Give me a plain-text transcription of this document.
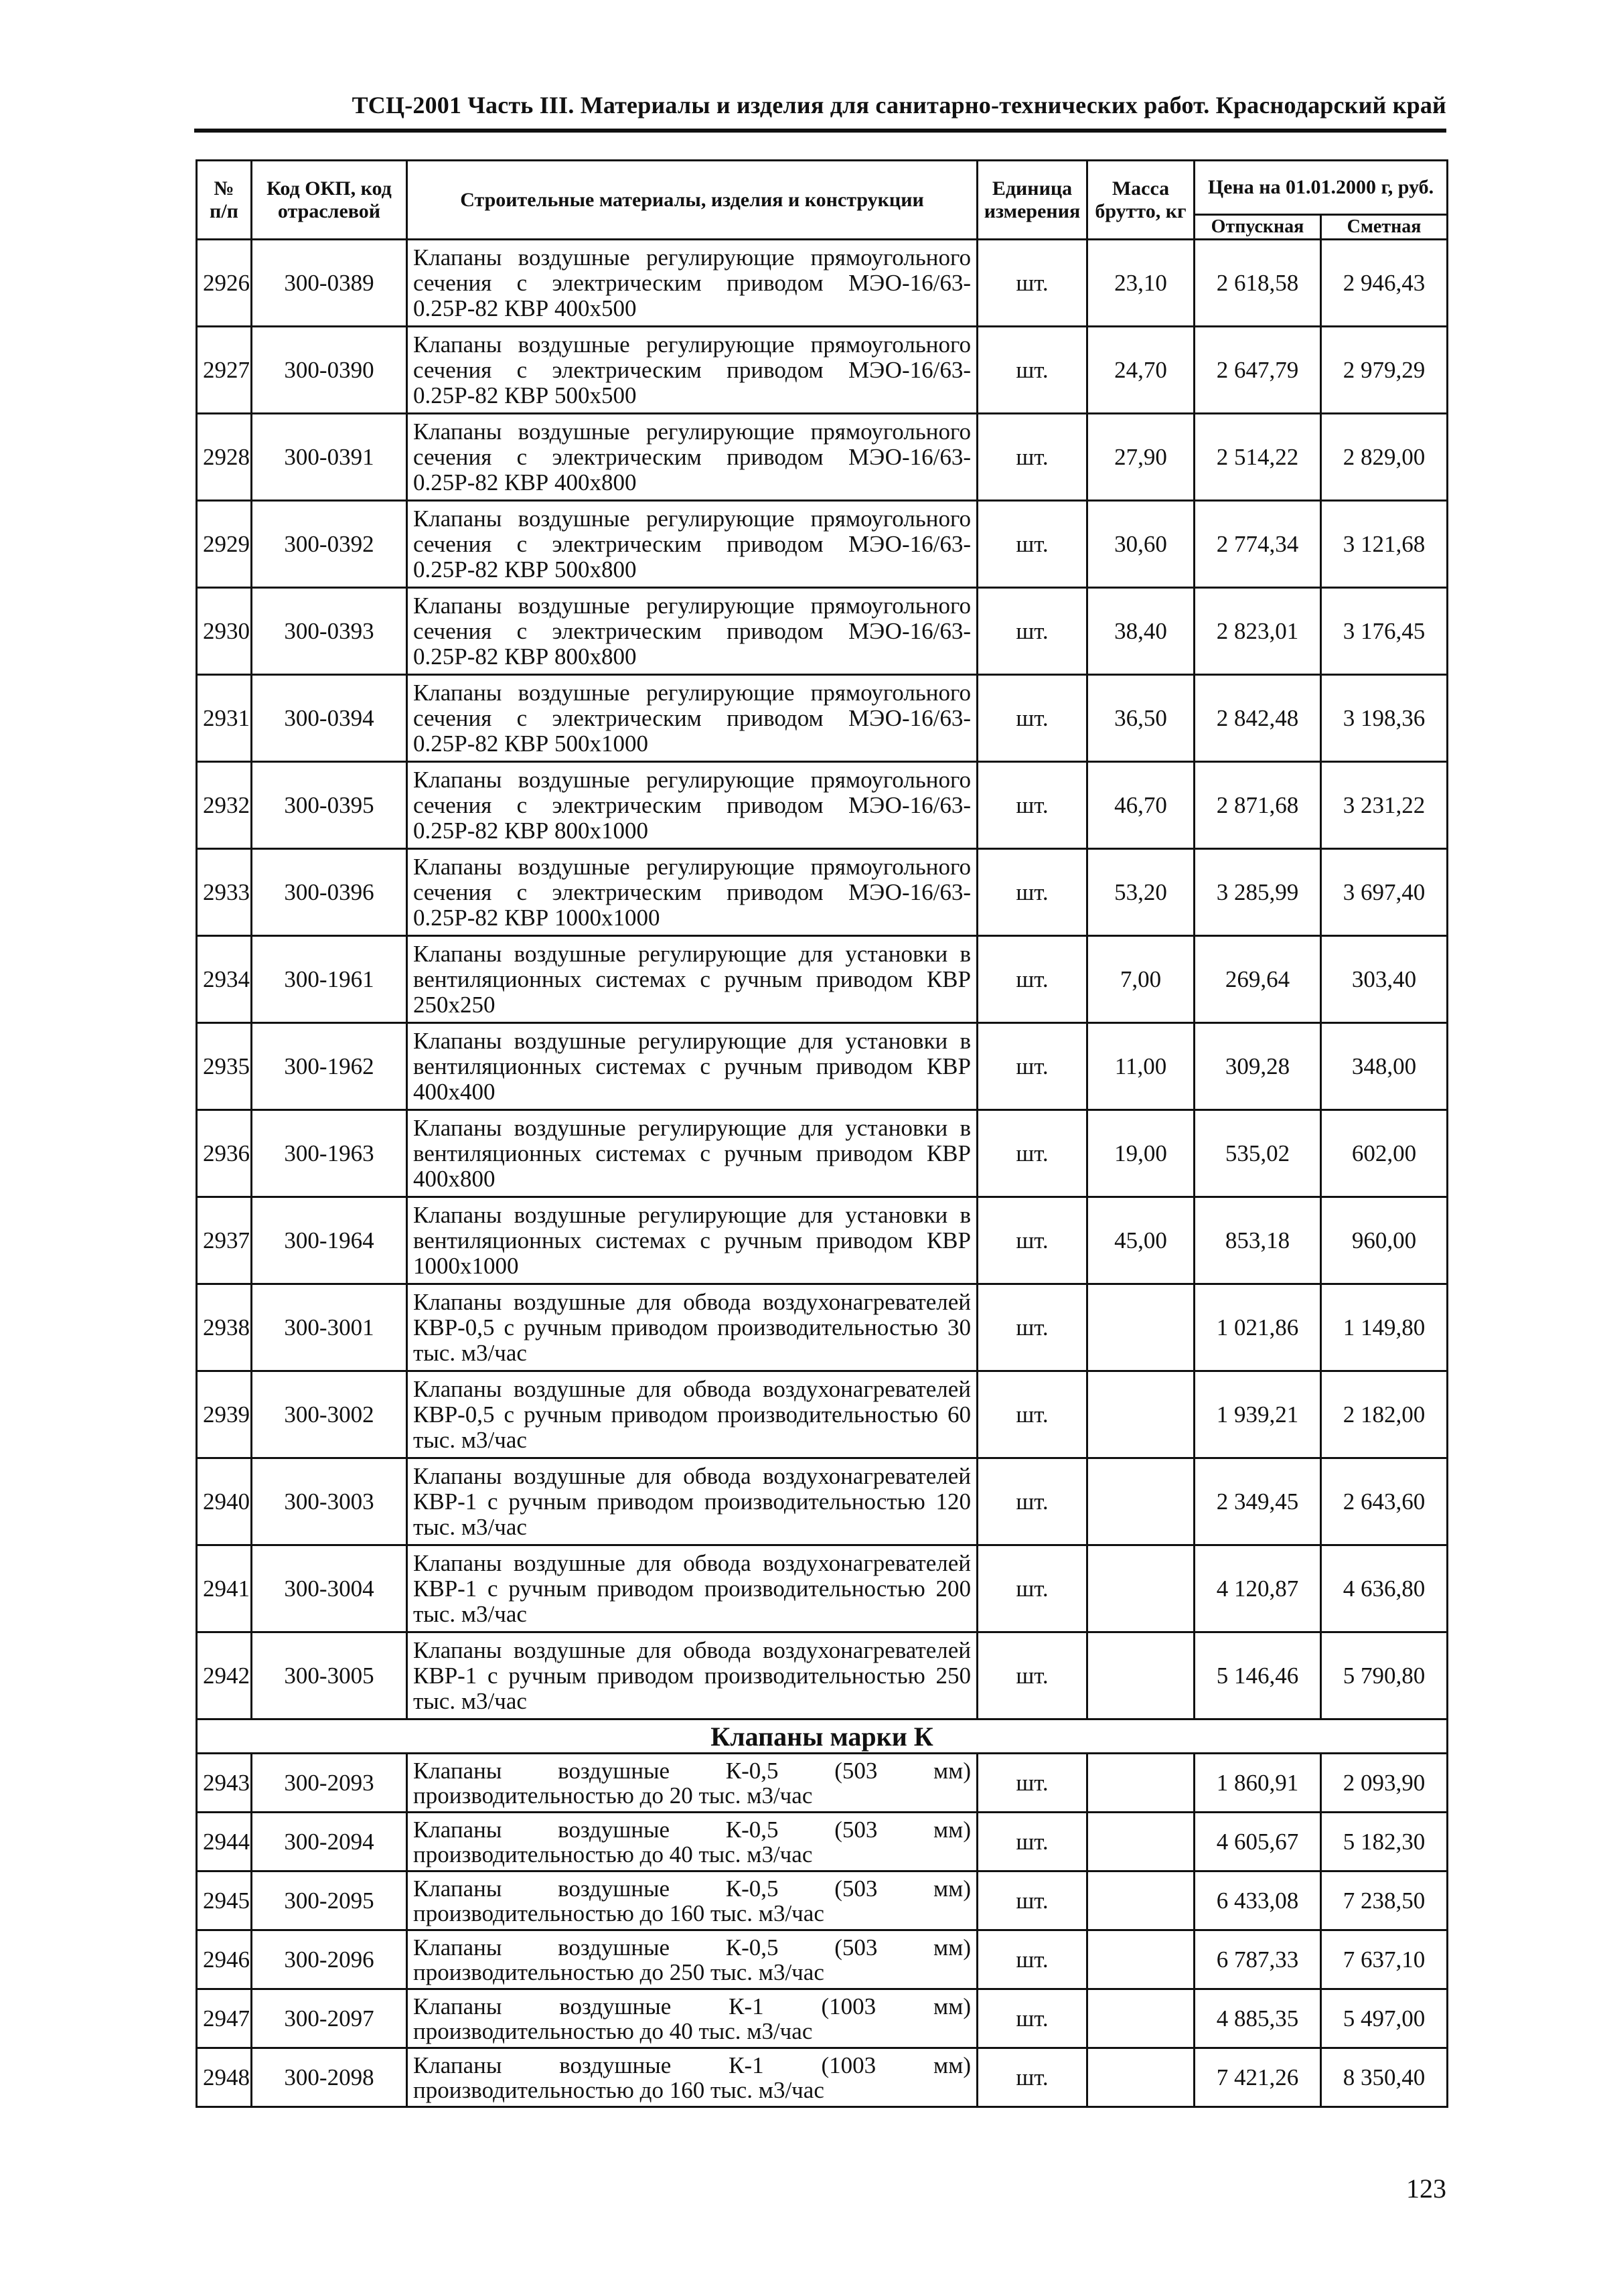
ТСЦ-2001 Часть III. Материалы и изделия для санитарно-технических работ. Краснодарский край
№ п/п	Код ОКП, код отраслевой	Строительные материалы, изделия и конструкции	Единица измерения	Масса брутто, кг	Цена на 01.01.2000 г, руб.	
					Отпускная	Сметная
2926	300-0389	Клапаны воздушные регулирующие прямоугольного сечения с электрическим приводом МЭО-16/63-0.25Р-82 КВР 400x500	шт.	23,10	2 618,58	2 946,43
2927	300-0390	Клапаны воздушные регулирующие прямоугольного сечения с электрическим приводом МЭО-16/63-0.25Р-82 КВР 500x500	шт.	24,70	2 647,79	2 979,29
2928	300-0391	Клапаны воздушные регулирующие прямоугольного сечения с электрическим приводом МЭО-16/63-0.25Р-82 КВР 400x800	шт.	27,90	2 514,22	2 829,00
2929	300-0392	Клапаны воздушные регулирующие прямоугольного сечения с электрическим приводом МЭО-16/63-0.25Р-82 КВР 500x800	шт.	30,60	2 774,34	3 121,68
2930	300-0393	Клапаны воздушные регулирующие прямоугольного сечения с электрическим приводом МЭО-16/63-0.25Р-82 КВР 800x800	шт.	38,40	2 823,01	3 176,45
2931	300-0394	Клапаны воздушные регулирующие прямоугольного сечения с электрическим приводом МЭО-16/63-0.25Р-82 КВР 500x1000	шт.	36,50	2 842,48	3 198,36
2932	300-0395	Клапаны воздушные регулирующие прямоугольного сечения с электрическим приводом МЭО-16/63-0.25Р-82 КВР 800x1000	шт.	46,70	2 871,68	3 231,22
2933	300-0396	Клапаны воздушные регулирующие прямоугольного сечения с электрическим приводом МЭО-16/63-0.25Р-82 КВР 1000x1000	шт.	53,20	3 285,99	3 697,40
2934	300-1961	Клапаны воздушные регулирующие для установки в вентиляционных системах с ручным приводом КВР 250x250	шт.	7,00	269,64	303,40
2935	300-1962	Клапаны воздушные регулирующие для установки в вентиляционных системах с ручным приводом КВР 400x400	шт.	11,00	309,28	348,00
2936	300-1963	Клапаны воздушные регулирующие для установки в вентиляционных системах с ручным приводом КВР 400x800	шт.	19,00	535,02	602,00
2937	300-1964	Клапаны воздушные регулирующие для установки в вентиляционных системах с ручным приводом КВР 1000x1000	шт.	45,00	853,18	960,00
2938	300-3001	Клапаны воздушные для обвода воздухонагревателей КВР-0,5 с ручным приводом производительностью 30 тыс. м3/час	шт.		1 021,86	1 149,80
2939	300-3002	Клапаны воздушные для обвода воздухонагревателей КВР-0,5 с ручным приводом производительностью 60 тыс. м3/час	шт.		1 939,21	2 182,00
2940	300-3003	Клапаны воздушные для обвода воздухонагревателей КВР-1 с ручным приводом производительностью 120 тыс. м3/час	шт.		2 349,45	2 643,60
2941	300-3004	Клапаны воздушные для обвода воздухонагревателей КВР-1 с ручным приводом производительностью 200 тыс. м3/час	шт.		4 120,87	4 636,80
2942	300-3005	Клапаны воздушные для обвода воздухонагревателей КВР-1 с ручным приводом производительностью 250 тыс. м3/час	шт.		5 146,46	5 790,80
Клапаны марки К						
2943	300-2093	Клапаны воздушные К-0,5 (503 мм) производительностью до 20 тыс. м3/час	шт.		1 860,91	2 093,90
2944	300-2094	Клапаны воздушные К-0,5 (503 мм) производительностью до 40 тыс. м3/час	шт.		4 605,67	5 182,30
2945	300-2095	Клапаны воздушные К-0,5 (503 мм) производительностью до 160 тыс. м3/час	шт.		6 433,08	7 238,50
2946	300-2096	Клапаны воздушные К-0,5 (503 мм) производительностью до 250 тыс. м3/час	шт.		6 787,33	7 637,10
2947	300-2097	Клапаны воздушные К-1 (1003 мм) производительностью до 40 тыс. м3/час	шт.		4 885,35	5 497,00
2948	300-2098	Клапаны воздушные К-1 (1003 мм) производительностью до 160 тыс. м3/час	шт.		7 421,26	8 350,40
123
